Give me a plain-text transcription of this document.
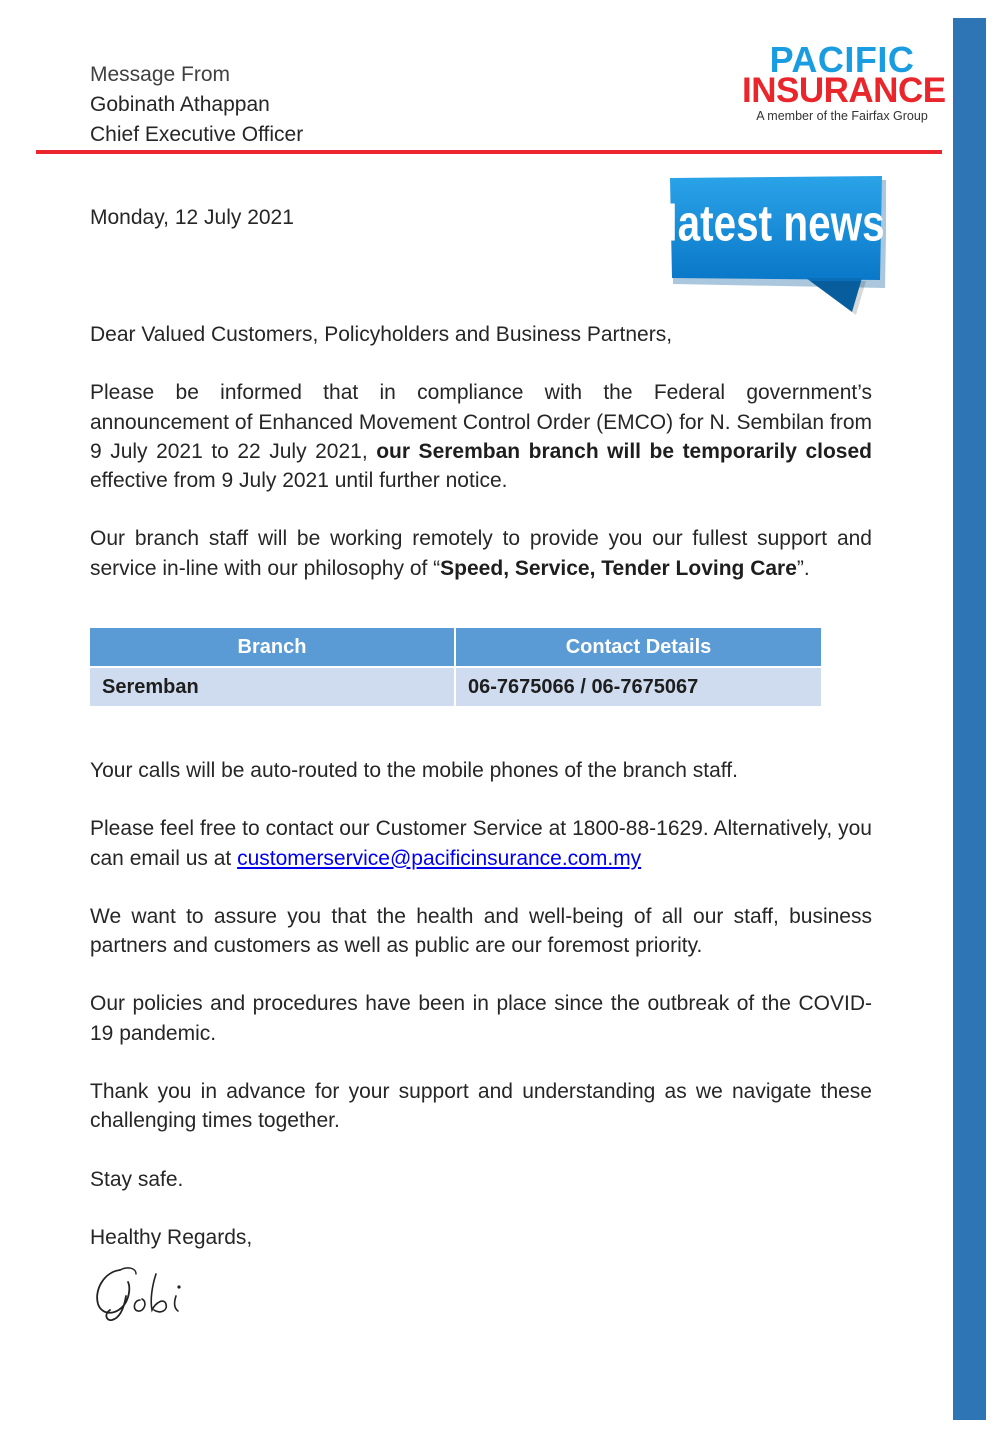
Message From
Gobinath Athappan
Chief Executive Officer
PACIFIC
INSURANCE
A member of the Fairfax Group
Monday, 12 July 2021	latest news

Dear Valued Customers, Policyholders and Business Partners,

Please be informed that in compliance with the Federal government’s announcement of Enhanced Movement Control Order (EMCO) for N. Sembilan from 9 July 2021 to 22 July 2021, our Seremban branch will be temporarily closed effective from 9 July 2021 until further notice.

Our branch staff will be working remotely to provide you our fullest support and service in-line with our philosophy of “Speed, Service, Tender Loving Care”.

Branch	Contact Details
Seremban	06-7675066 / 06-7675067

Your calls will be auto-routed to the mobile phones of the branch staff.

Please feel free to contact our Customer Service at 1800-88-1629. Alternatively, you can email us at customerservice@pacificinsurance.com.my

We want to assure you that the health and well-being of all our staff, business partners and customers as well as public are our foremost priority.

Our policies and procedures have been in place since the outbreak of the COVID-19 pandemic.

Thank you in advance for your support and understanding as we navigate these challenging times together.

Stay safe.

Healthy Regards,
